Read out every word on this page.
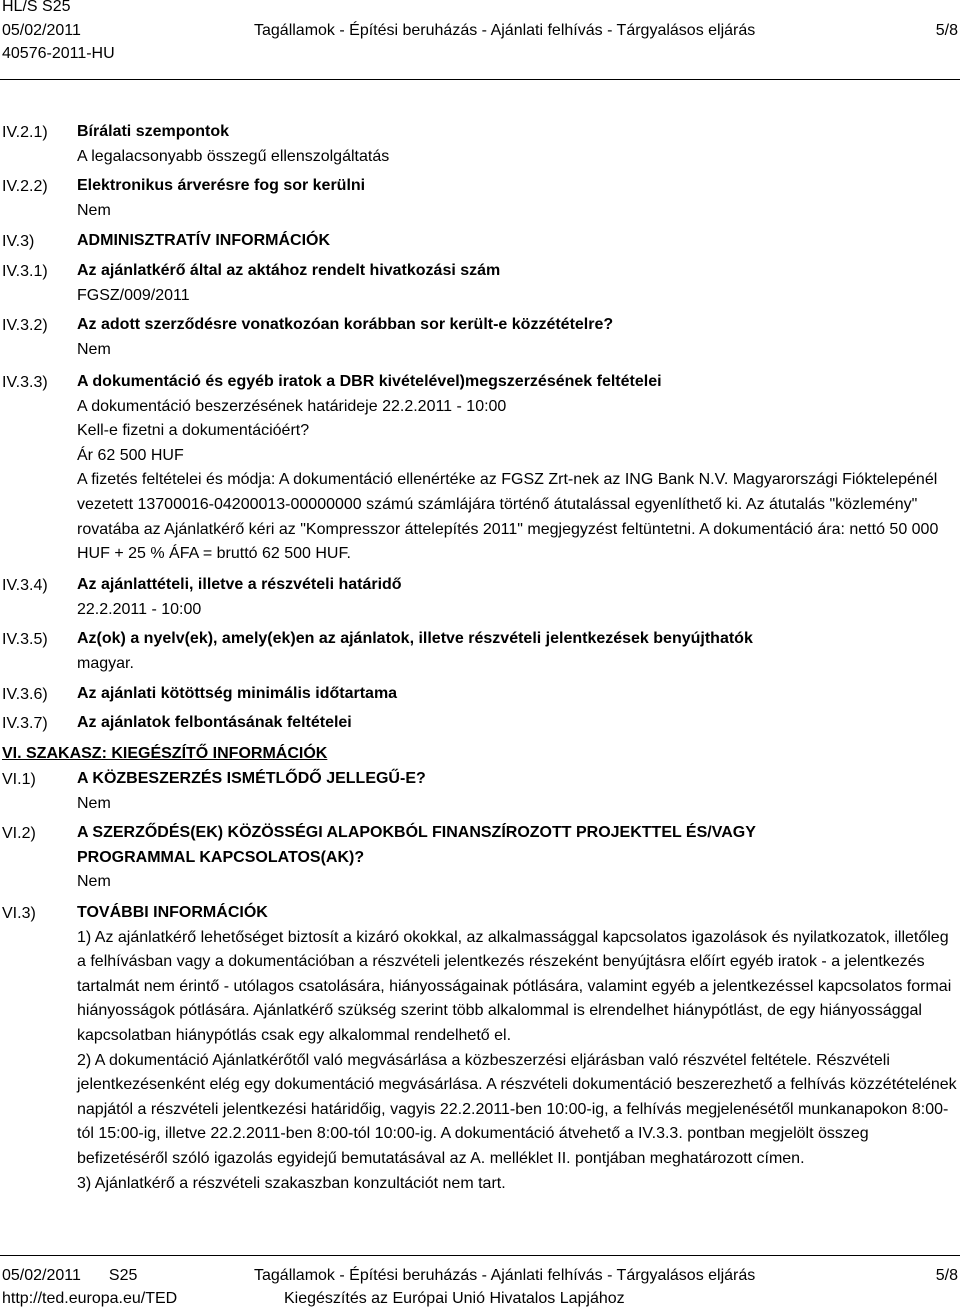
HL/S S25
05/02/2011
40576-2011-HU
Tagállamok - Építési beruházás - Ajánlati felhívás - Tárgyalásos eljárás	5/8
IV.2.1) Bírálati szempontok

A legalacsonyabb összegű ellenszolgáltatás

IV.2.2) Elektronikus árverésre fog sor kerülni

Nem

IV.3)	ADMINISZTRATÍV INFORMÁCIÓK

IV.3.1) Az ajánlatkérő által az aktához rendelt hivatkozási szám

FGSZ/009/2011

IV.3.2) Az adott szerződésre vonatkozóan korábban sor került-e közzétételre?

Nem

IV.3.3) A dokumentáció és egyéb iratok a DBR kivételével)megszerzésének feltételei

A dokumentáció beszerzésének határideje 22.2.2011 - 10:00

Kell-e fizetni a dokumentációért?

Ár 62 500 HUF

A fizetés feltételei és módja: A dokumentáció ellenértéke az FGSZ Zrt-nek az ING Bank N.V. Magyarországi Fióktelepénél vezetett 13700016-04200013-00000000 számú számlájára történő átutalással egyenlíthető ki. Az átutalás "közlemény" rovatába az Ajánlatkérő kéri az "Kompresszor áttelepítés 2011" megjegyzést feltüntetni. A dokumentáció ára: nettó 50 000 HUF + 25 % ÁFA = bruttó 62 500 HUF.

IV.3.4) Az ajánlattételi, illetve a részvételi határidő

22.2.2011 - 10:00

IV.3.5) Az(ok) a nyelv(ek), amely(ek)en az ajánlatok, illetve részvételi jelentkezések benyújthatók

magyar.

IV.3.6) Az ajánlati kötöttség minimális időtartama

IV.3.7) Az ajánlatok felbontásának feltételei

VI. SZAKASZ: KIEGÉSZÍTŐ INFORMÁCIÓK
VI.1)	A KÖZBESZERZÉS ISMÉTLŐDŐ JELLEGŰ-E?

Nem

VI.2)	A SZERZŐDÉS(EK) KÖZÖSSÉGI ALAPOKBÓL FINANSZÍROZOTT PROJEKTTEL ÉS/VAGY PROGRAMMAL KAPCSOLATOS(AK)?

Nem

VI.3)	TOVÁBBI INFORMÁCIÓK

1) Az ajánlatkérő lehetőséget biztosít a kizáró okokkal, az alkalmassággal kapcsolatos igazolások és nyilatkozatok, illetőleg a felhívásban vagy a dokumentációban a részvételi jelentkezés részeként benyújtásra előírt egyéb iratok - a jelentkezés tartalmát nem érintő - utólagos csatolására, hiányosságainak pótlására, valamint egyéb a jelentkezéssel kapcsolatos formai hiányosságok pótlására. Ajánlatkérő szükség szerint több alkalommal is elrendelhet hiánypótlást, de egy hiányossággal kapcsolatban hiánypótlás csak egy alkalommal rendelhető el.

2) A dokumentáció Ajánlatkérőtől való megvásárlása a közbeszerzési eljárásban való részvétel feltétele. Részvételi jelentkezésenként elég egy dokumentáció megvásárlása. A részvételi dokumentáció beszerezhető a felhívás közzétételének napjától a részvételi jelentkezési határidőig, vagyis 22.2.2011-ben 10:00-ig, a felhívás megjelenésétől munkanapokon 8:00-tól 15:00-ig, illetve 22.2.2011-ben 8:00-tól 10:00-ig. A dokumentáció átvehető a IV.3.3. pontban megjelölt összeg befizetéséről szóló igazolás egyidejű bemutatásával az A. melléklet II. pontjában meghatározott címen.

3) Ajánlatkérő a részvételi szakaszban konzultációt nem tart.

05/02/2011 S25
http://ted.europa.eu/TED
Tagállamok - Építési beruházás - Ajánlati felhívás - Tárgyalásos eljárás
Kiegészítés az Európai Unió Hivatalos Lapjához
5/8
